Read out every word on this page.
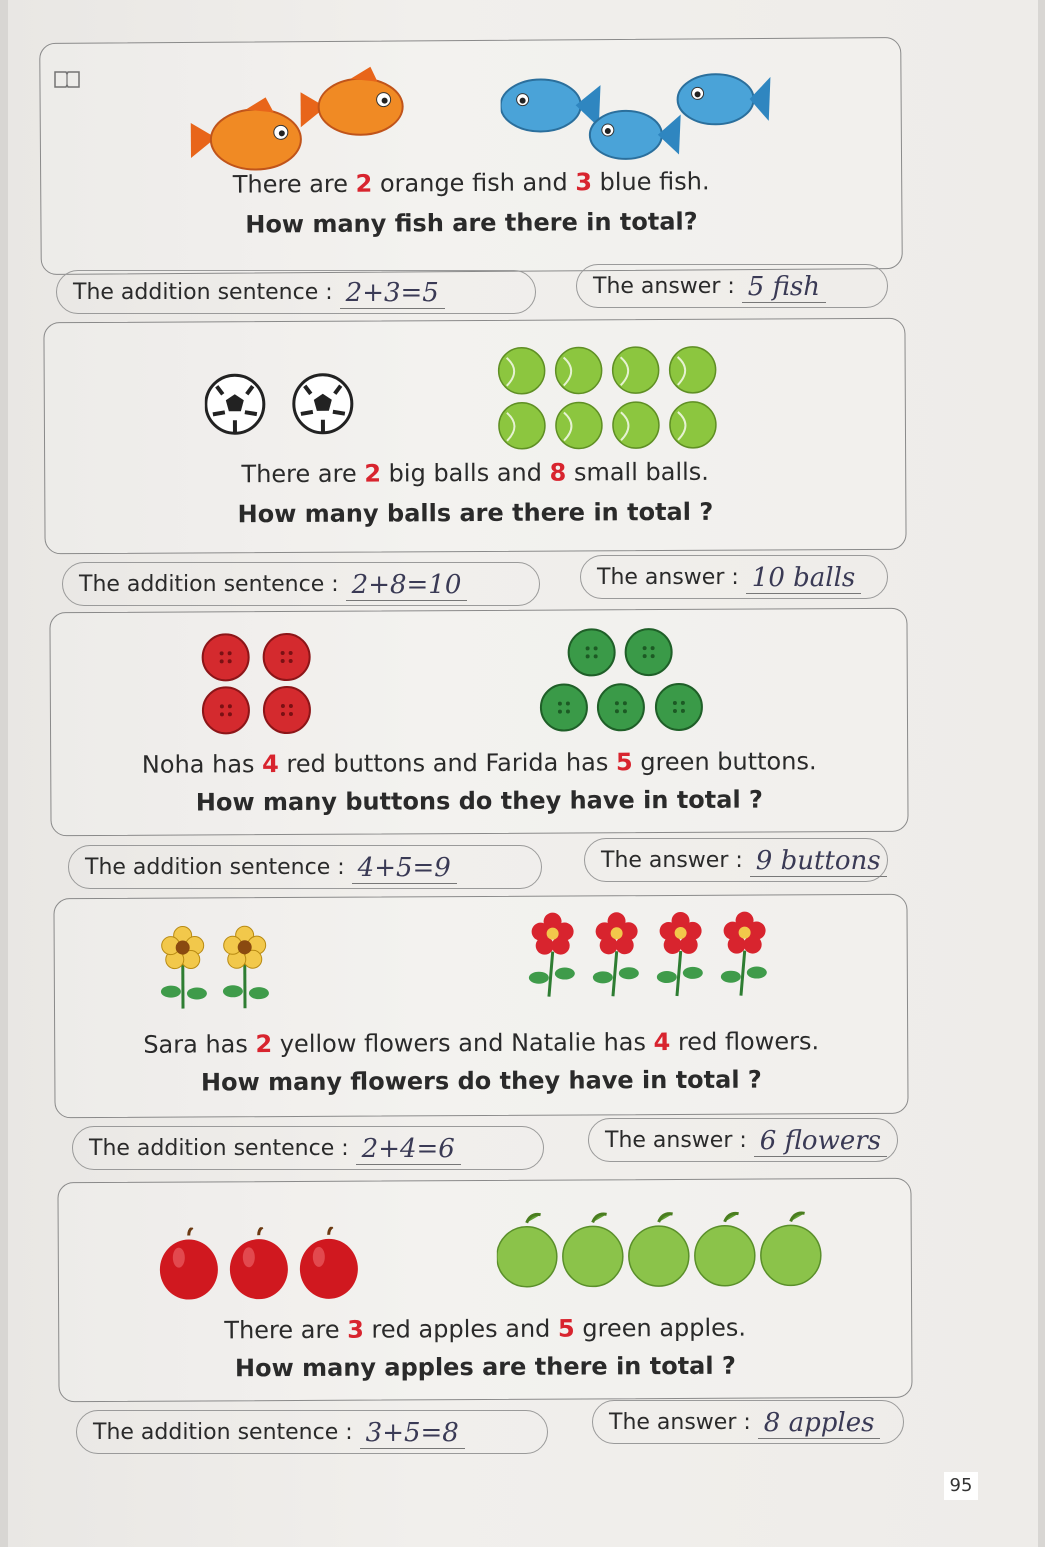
There are 2 orange fish and 3 blue fish.
How many fish are there in total?
The addition sentence : 2+3=5	The answer : 5 fish
There are 2 big balls and 8 small balls.
How many balls are there in total ?
The addition sentence : 2+8=10	The answer : 10 balls
Noha has 4 red buttons and Farida has 5 green buttons.
How many buttons do they have in total ?
The addition sentence : 4+5=9	The answer : 9 buttons
Sara has 2 yellow flowers and Natalie has 4 red flowers.
How many flowers do they have in total ?
The addition sentence : 2+4=6	The answer : 6 flowers
There are 3 red apples and 5 green apples.
How many apples are there in total ?
The addition sentence : 3+5=8	The answer : 8 apples
95
